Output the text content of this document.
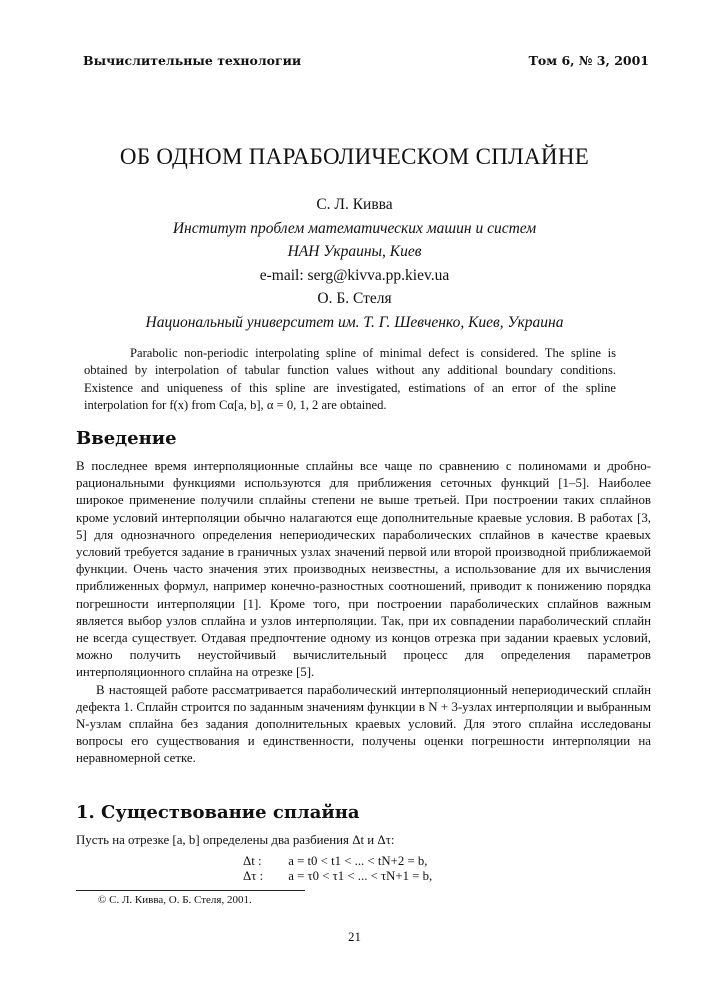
Вычислительные технологии	Том 6, № 3, 2001
ОБ ОДНОМ ПАРАБОЛИЧЕСКОМ СПЛАЙНЕ
С. Л. Кивва
Институт проблем математических машин и систем
НАН Украины, Киев
e-mail: serg@kivva.pp.kiev.ua
О. Б. Стеля
Национальный университет им. Т. Г. Шевченко, Киев, Украина
Parabolic non-periodic interpolating spline of minimal defect is considered. The spline is obtained by interpolation of tabular function values without any additional boundary conditions. Existence and uniqueness of this spline are investigated, estimations of an error of the spline interpolation for f(x) from Cα[a, b], α = 0, 1, 2 are obtained.
Введение

В последнее время интерполяционные сплайны все чаще по сравнению с полиномами и дробно-рациональными функциями используются для приближения сеточных функций [1–5]. Наиболее широкое применение получили сплайны степени не выше третьей. При построении таких сплайнов кроме условий интерполяции обычно налагаются еще дополнительные краевые условия. В работах [3, 5] для однозначного определения непериодических параболических сплайнов в качестве краевых условий требуется задание в граничных узлах значений первой или второй производной приближаемой функции. Очень часто значения этих производных неизвестны, а использование для их вычисления приближенных формул, например конечно-разностных соотношений, приводит к понижению порядка погрешности интерполяции [1]. Кроме того, при построении параболических сплайнов важным является выбор узлов сплайна и узлов интерполяции. Так, при их совпадении параболический сплайн не всегда существует. Отдавая предпочтение одному из концов отрезка при задании краевых условий, можно получить неустойчивый вычислительный процесс для определения параметров интерполяционного сплайна на отрезке [5].

В настоящей работе рассматривается параболический интерполяционный непериодический сплайн дефекта 1. Сплайн строится по заданным значениям функции в N + 3-узлах интерполяции и выбранным N-узлам сплайна без задания дополнительных краевых условий. Для этого сплайна исследованы вопросы его существования и единственности, получены оценки погрешности интерполяции на неравномерной сетке.

1. Существование сплайна

Пусть на отрезке [a, b] определены два разбиения Δt и Δτ:

Δt : a = t0 < t1 < ... < tN+2 = b,
Δτ : a = τ0 < τ1 < ... < τN+1 = b,
© С. Л. Кивва, О. Б. Стеля, 2001.
21
